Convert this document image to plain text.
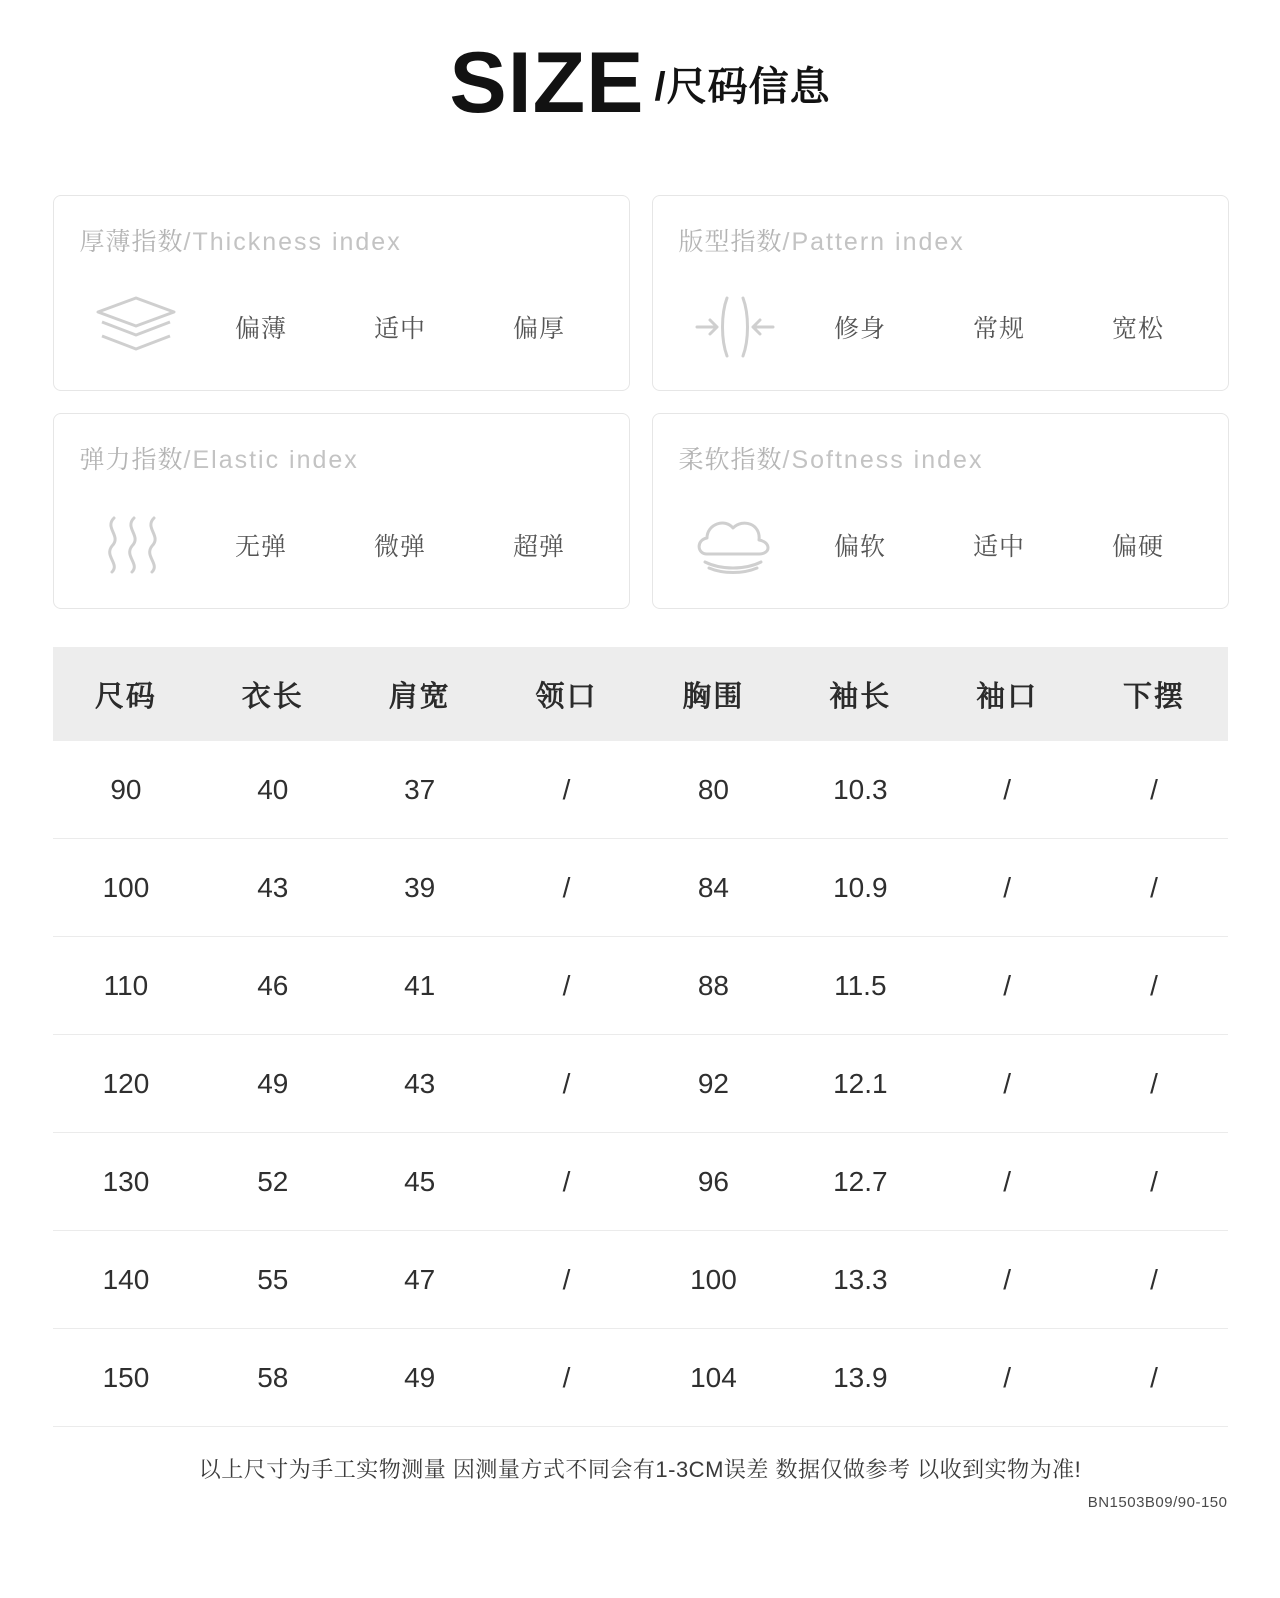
SIZE /尺码信息
厚薄指数/Thickness index
偏薄	适中	偏厚
版型指数/Pattern index
修身	常规	宽松
弹力指数/Elastic index
无弹	微弹	超弹
柔软指数/Softness index
偏软	适中	偏硬
尺码	衣长	肩宽	领口	胸围	袖长	袖口	下摆
90	40	37	/	80	10.3	/	/
100	43	39	/	84	10.9	/	/
110	46	41	/	88	11.5	/	/
120	49	43	/	92	12.1	/	/
130	52	45	/	96	12.7	/	/
140	55	47	/	100	13.3	/	/
150	58	49	/	104	13.9	/	/
以上尺寸为手工实物测量 因测量方式不同会有1-3CM误差 数据仅做参考 以收到实物为准!
BN1503B09/90-150
